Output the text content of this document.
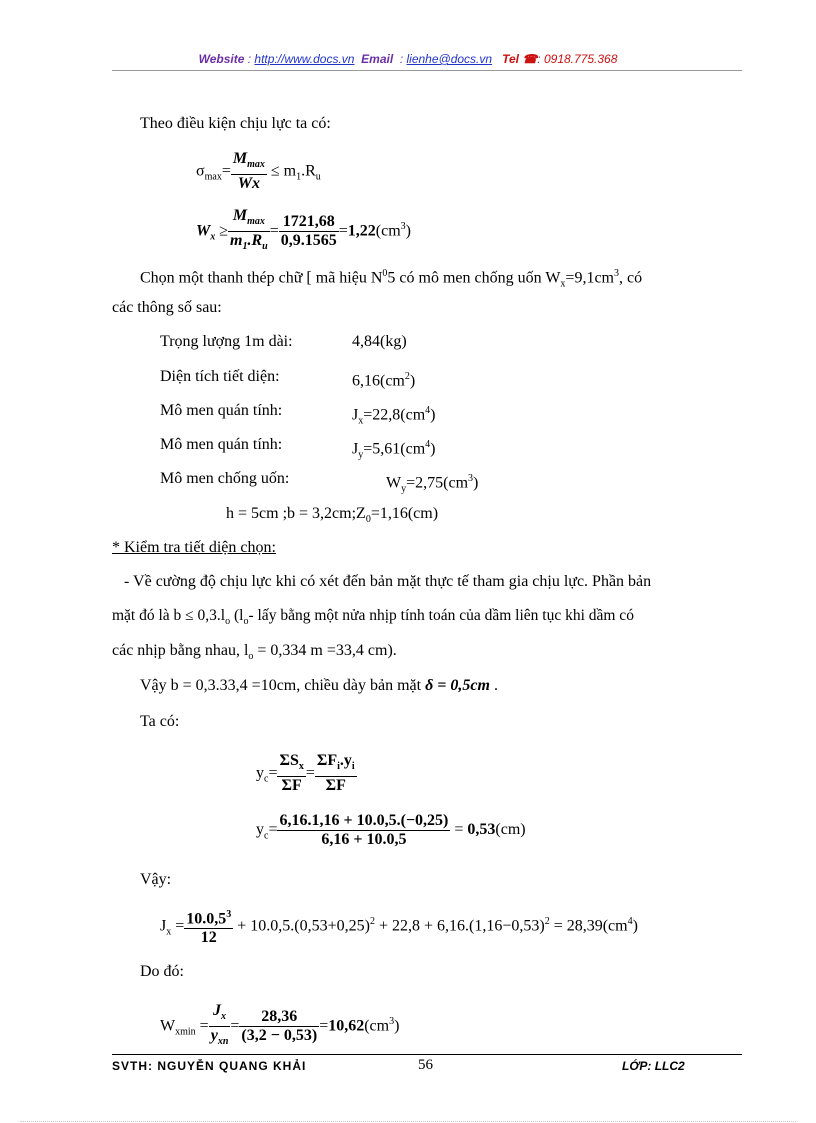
Website : http://www.docs.vn Email  : lienhe@docs.vn Tel ☎: 0918.775.368
Theo điều kiện chịu lực ta có:
$\sigma_{max}= \frac{M_{max}}{Wx} \le m_1.R_u$
$W_x \ge \frac{M_{max}}{m_1.R_u} = \frac{1721,68}{0,9.1565} =1,22(cm^3)$
Chọn một thanh thép chữ [ mã hiệu $N^05$ có mô men chống uốn $W_x=9,1cm^3$, có
các thông số sau:
Trọng lượng 1m dài:	4,84(kg)
Diện tích tiết diện:	$6,16(cm^2)$
Mô men quán tính:	$J_x=22,8(cm^4)$
Mô men quán tính:	$J_y=5,61(cm^4)$
Mô men chống uốn:	$W_y=2,75(cm^3)$
h = 5cm ;b = $3,2cm;Z_0=1,16(cm)$
* Kiểm tra tiết diện chọn:
- Về cường độ chịu lực khi có xét đến bản mặt thực tế tham gia chịu lực. Phần bản
mặt đó là $b \le 0,3.l_o$ ($l_o-$ lấy bằng một nửa nhịp tính toán của dầm liên tục khi dầm có
các nhịp bằng nhau, $l_o = 0,334$ m =33,4 cm).
Vậy b = 0,3.33,4 =10cm, chiều dày bản mặt δ = 0,5cm .
Ta có:
$y_c= \frac{\Sigma S_x}{\Sigma F} = \frac{\Sigma F_i.y_i}{\Sigma F}$
$y_c= \frac{6,16.1,16 + 10.0,5.(-0,25)}{6,16 + 10.0,5} = 0,53(cm)$
Vậy:
$J_x = \frac{10.0,5^3}{12} + 10.0,5.(0,53+0,25)^2 + 22,8 + 6,16.(1,16-0,53)^2 = 28,39(cm^4)$
Do đó:
$W_{xmin} = \frac{J_x}{y_{xn}} = \frac{28,36}{(3,2 - 0,53)} =10,62(cm^3)$
SVTH: NGUYỄN QUANG KHẢI	56	LỚP: LLC2
